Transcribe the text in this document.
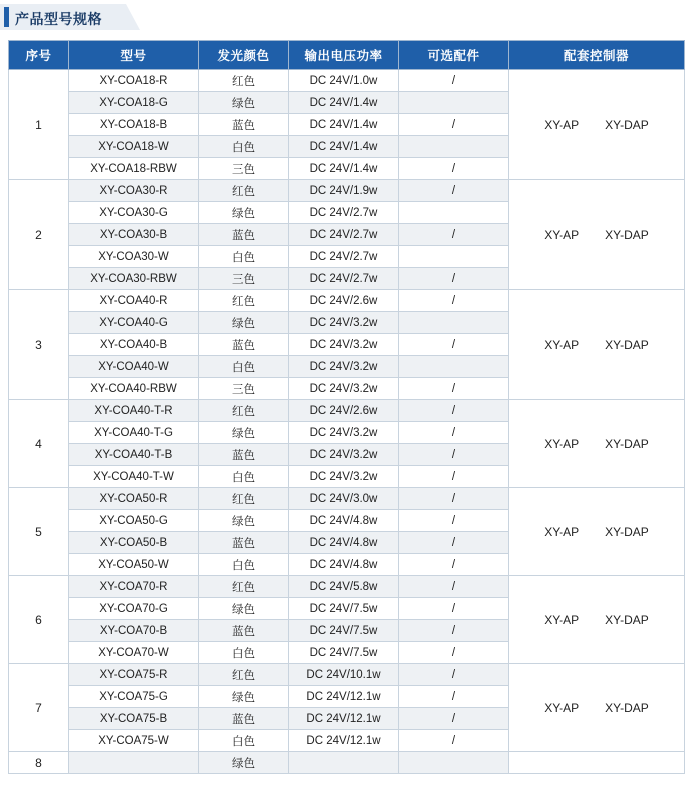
产品型号规格
序号	型号	发光颜色	输出电压功率	可选配件	配套控制器
1	XY-COA18-R	红色	DC 24V/1.0w	/	XY-AP XY-DAP

	XY-COA18-G	绿色	DC 24V/1.4w		
	XY-COA18-B	蓝色	DC 24V/1.4w	/	
	XY-COA18-W	白色	DC 24V/1.4w		
	XY-COA18-RBW	三色	DC 24V/1.4w	/	
2	XY-COA30-R	红色	DC 24V/1.9w	/	XY-AP XY-DAP

	XY-COA30-G	绿色	DC 24V/2.7w		
	XY-COA30-B	蓝色	DC 24V/2.7w	/	
	XY-COA30-W	白色	DC 24V/2.7w		
	XY-COA30-RBW	三色	DC 24V/2.7w	/	
3	XY-COA40-R	红色	DC 24V/2.6w	/	XY-AP XY-DAP

	XY-COA40-G	绿色	DC 24V/3.2w		
	XY-COA40-B	蓝色	DC 24V/3.2w	/	
	XY-COA40-W	白色	DC 24V/3.2w		
	XY-COA40-RBW	三色	DC 24V/3.2w	/	
4	XY-COA40-T-R	红色	DC 24V/2.6w	/	XY-AP XY-DAP

	XY-COA40-T-G	绿色	DC 24V/3.2w	/	
	XY-COA40-T-B	蓝色	DC 24V/3.2w	/	
	XY-COA40-T-W	白色	DC 24V/3.2w	/	
5	XY-COA50-R	红色	DC 24V/3.0w	/	XY-AP XY-DAP

	XY-COA50-G	绿色	DC 24V/4.8w	/	
	XY-COA50-B	蓝色	DC 24V/4.8w	/	
	XY-COA50-W	白色	DC 24V/4.8w	/	
6	XY-COA70-R	红色	DC 24V/5.8w	/	XY-AP XY-DAP

	XY-COA70-G	绿色	DC 24V/7.5w	/	
	XY-COA70-B	蓝色	DC 24V/7.5w	/	
	XY-COA70-W	白色	DC 24V/7.5w	/	
7	XY-COA75-R	红色	DC 24V/10.1w	/	XY-AP XY-DAP

	XY-COA75-G	绿色	DC 24V/12.1w	/	
	XY-COA75-B	蓝色	DC 24V/12.1w	/	
	XY-COA75-W	白色	DC 24V/12.1w	/	
8		绿色			
